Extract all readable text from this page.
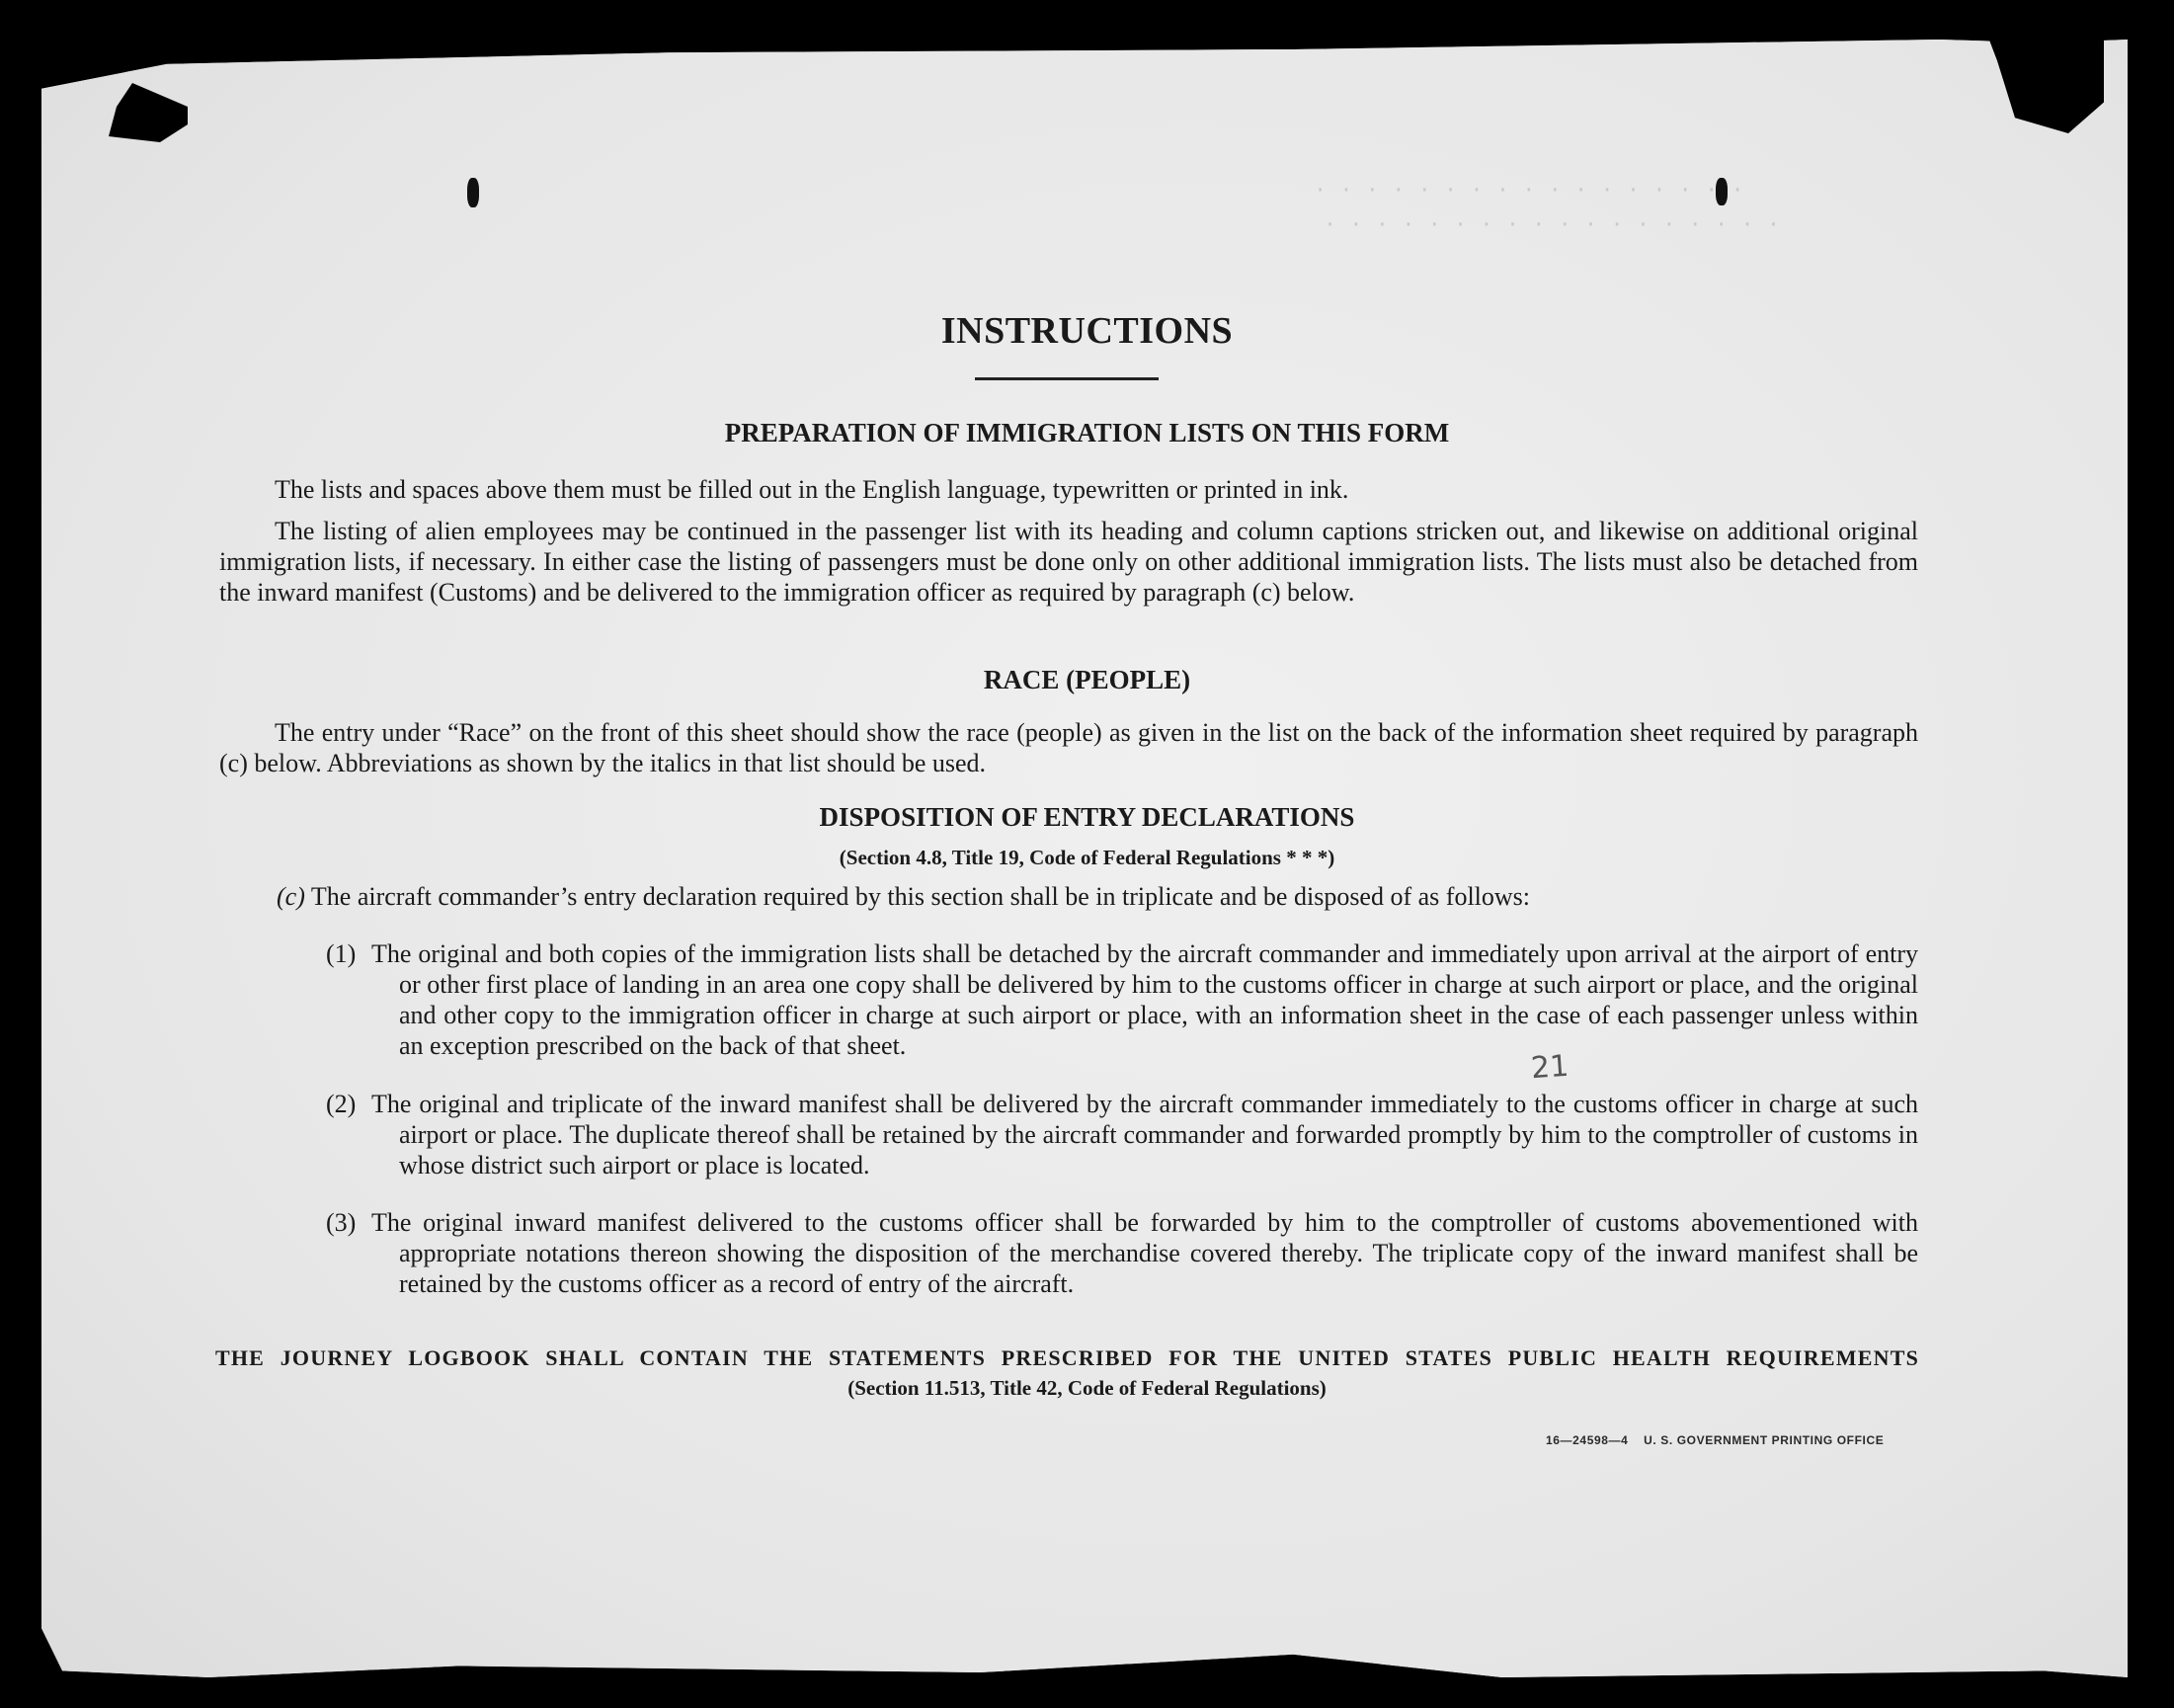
· · · · · · · · · · · · · · · · ·
· · · · · · · · · · · · · · · · · ·
INSTRUCTIONS
PREPARATION OF IMMIGRATION LISTS ON THIS FORM
The lists and spaces above them must be filled out in the English language, typewritten or printed in ink.
The listing of alien employees may be continued in the passenger list with its heading and column captions stricken out, and likewise on additional original immigration lists, if necessary. In either case the listing of passengers must be done only on other additional immigration lists. The lists must also be detached from the inward manifest (Customs) and be delivered to the immigration officer as required by paragraph (c) below.
RACE (PEOPLE)
The entry under “Race” on the front of this sheet should show the race (people) as given in the list on the back of the information sheet required by paragraph (c) below. Abbreviations as shown by the italics in that list should be used.
DISPOSITION OF ENTRY DECLARATIONS
(Section 4.8, Title 19, Code of Federal Regulations * * *)
(c) The aircraft commander’s entry declaration required by this section shall be in triplicate and be disposed of as follows:
(1) The original and both copies of the immigration lists shall be detached by the aircraft commander and immediately upon arrival at the airport of entry or other first place of landing in an area one copy shall be delivered by him to the customs officer in charge at such airport or place, and the original and other copy to the immigration officer in charge at such airport or place, with an information sheet in the case of each passenger unless within an exception prescribed on the back of that sheet.
(2) The original and triplicate of the inward manifest shall be delivered by the aircraft commander immediately to the customs officer in charge at such airport or place. The duplicate thereof shall be retained by the aircraft commander and forwarded promptly by him to the comptroller of customs in whose district such airport or place is located.
(3) The original inward manifest delivered to the customs officer shall be forwarded by him to the comptroller of customs abovementioned with appropriate notations thereon showing the disposition of the merchandise covered thereby. The triplicate copy of the inward manifest shall be retained by the customs officer as a record of entry of the aircraft.
21
THE JOURNEY LOGBOOK SHALL CONTAIN THE STATEMENTS PRESCRIBED FOR THE UNITED STATES PUBLIC HEALTH REQUIREMENTS
(Section 11.513, Title 42, Code of Federal Regulations)
16—24598—4 U. S. GOVERNMENT PRINTING OFFICE
